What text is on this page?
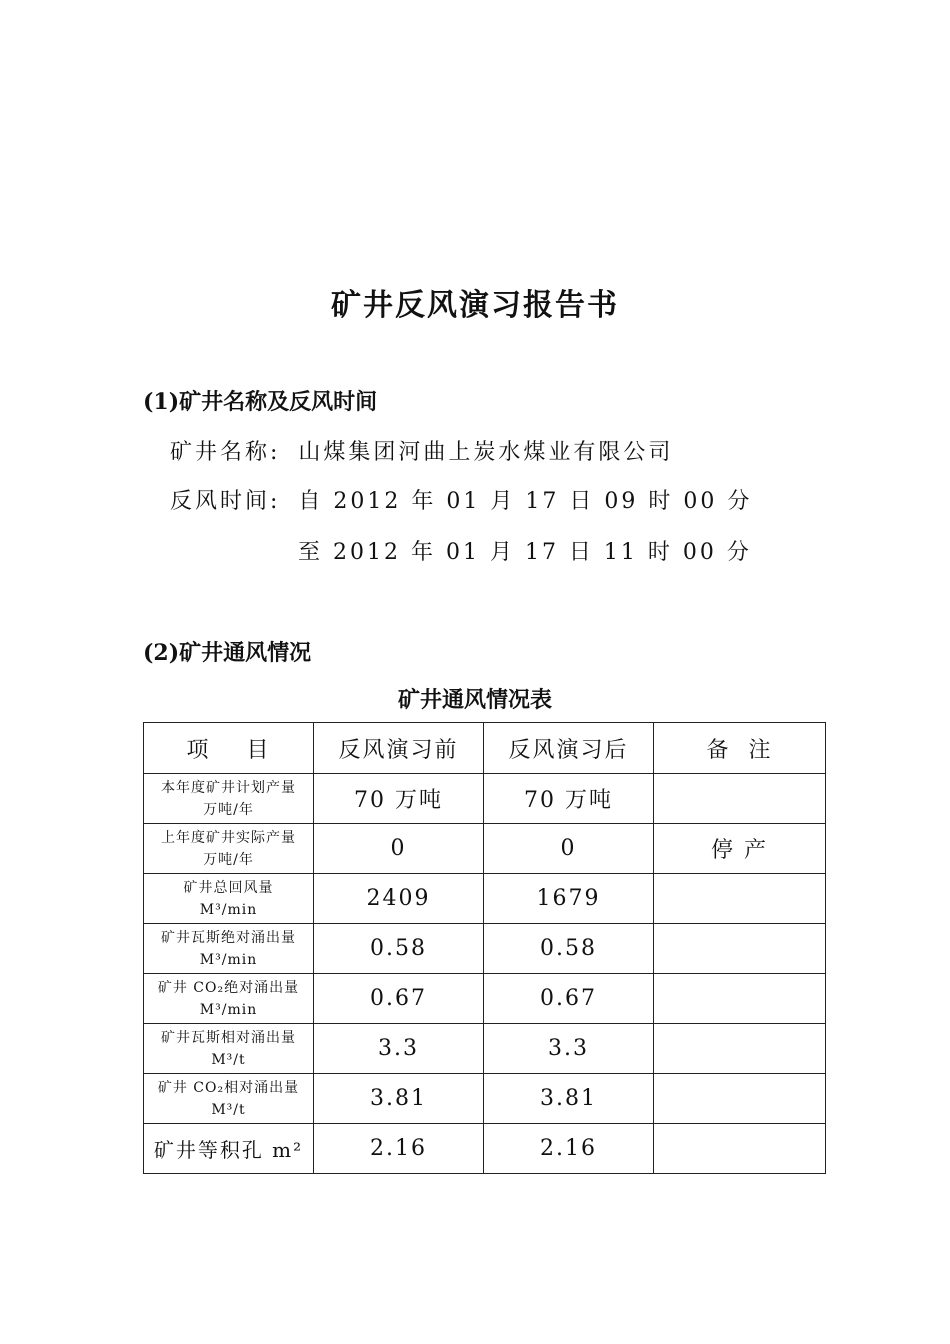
矿井反风演习报告书
(1)矿井名称及反风时间
矿井名称: 山煤集团河曲上炭水煤业有限公司
反风时间: 自 2012 年 01 月 17 日 09 时 00 分
至 2012 年 01 月 17 日 11 时 00 分
(2)矿井通风情况
矿井通风情况表
项    目	反风演习前	反风演习后	备  注

本年度矿井计划产量
万吨/年	70 万吨	70 万吨	

上年度矿井实际产量
万吨/年	0	0	停 产

矿井总回风量
M³/min	2409	1679	

矿井瓦斯绝对涌出量
M³/min	0.58	0.58	

矿井 CO₂绝对涌出量
M³/min	0.67	0.67	

矿井瓦斯相对涌出量
M³/t	3.3	3.3	

矿井 CO₂相对涌出量
M³/t	3.81	3.81	

矿井等积孔 m²	2.16	2.16	
